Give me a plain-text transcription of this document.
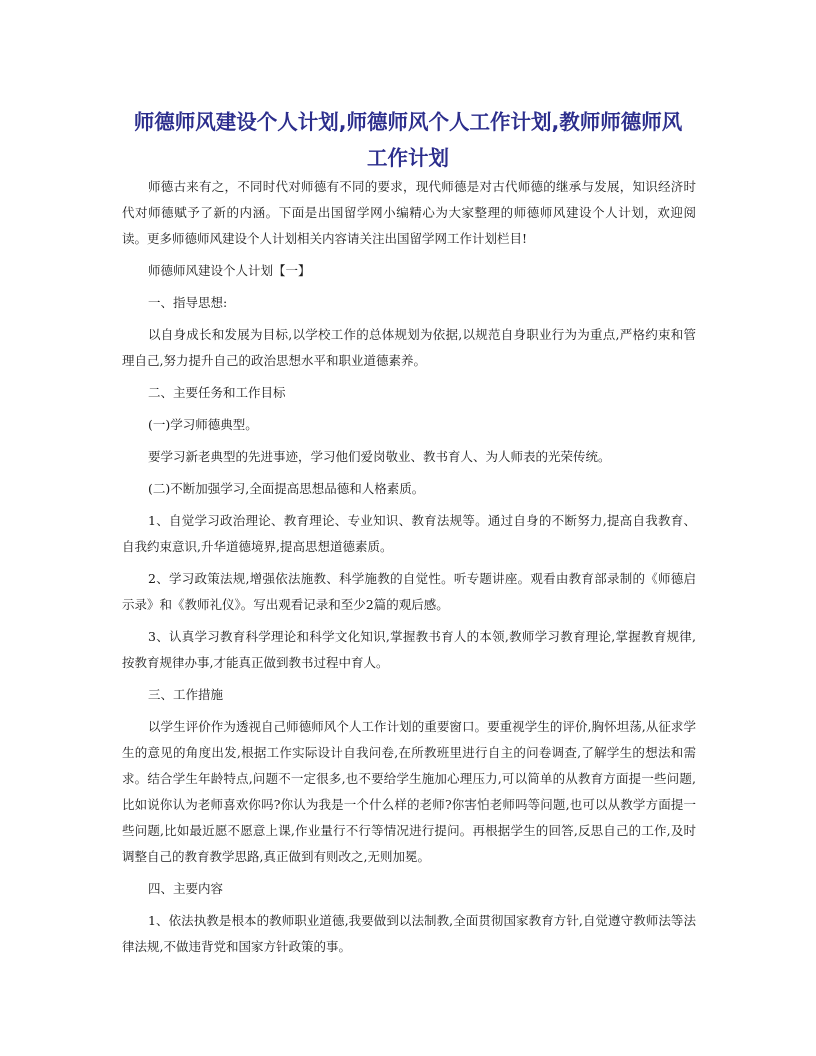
师德师风建设个人计划,师德师风个人工作计划,教师师德师风
工作计划

师德古来有之，不同时代对师德有不同的要求，现代师德是对古代师德的继承与发展，知识经济时代对师德赋予了新的内涵。下面是出国留学网小编精心为大家整理的师德师风建设个人计划，欢迎阅读。更多师德师风建设个人计划相关内容请关注出国留学网工作计划栏目!

师德师风建设个人计划【一】

一、指导思想:

以自身成长和发展为目标,以学校工作的总体规划为依据,以规范自身职业行为为重点,严格约束和管理自己,努力提升自己的政治思想水平和职业道德素养。

二、主要任务和工作目标

(一)学习师德典型。

要学习新老典型的先进事迹，学习他们爱岗敬业、教书育人、为人师表的光荣传统。

(二)不断加强学习,全面提高思想品德和人格素质。

1、自觉学习政治理论、教育理论、专业知识、教育法规等。通过自身的不断努力,提高自我教育、自我约束意识,升华道德境界,提高思想道德素质。

2、学习政策法规,增强依法施教、科学施教的自觉性。听专题讲座。观看由教育部录制的《师德启示录》和《教师礼仪》。写出观看记录和至少2篇的观后感。

3、认真学习教育科学理论和科学文化知识,掌握教书育人的本领,教师学习教育理论,掌握教育规律,按教育规律办事,才能真正做到教书过程中育人。

三、工作措施

以学生评价作为透视自己师德师风个人工作计划的重要窗口。要重视学生的评价,胸怀坦荡,从征求学生的意见的角度出发,根据工作实际设计自我问卷,在所教班里进行自主的问卷调查,了解学生的想法和需求。结合学生年龄特点,问题不一定很多,也不要给学生施加心理压力,可以简单的从教育方面提一些问题,比如说你认为老师喜欢你吗?你认为我是一个什么样的老师?你害怕老师吗等问题,也可以从教学方面提一些问题,比如最近愿不愿意上课,作业量行不行等情况进行提问。再根据学生的回答,反思自己的工作,及时调整自己的教育教学思路,真正做到有则改之,无则加冕。

四、主要内容

1、依法执教是根本的教师职业道德,我要做到以法制教,全面贯彻国家教育方针,自觉遵守教师法等法律法规,不做违背党和国家方针政策的事。
